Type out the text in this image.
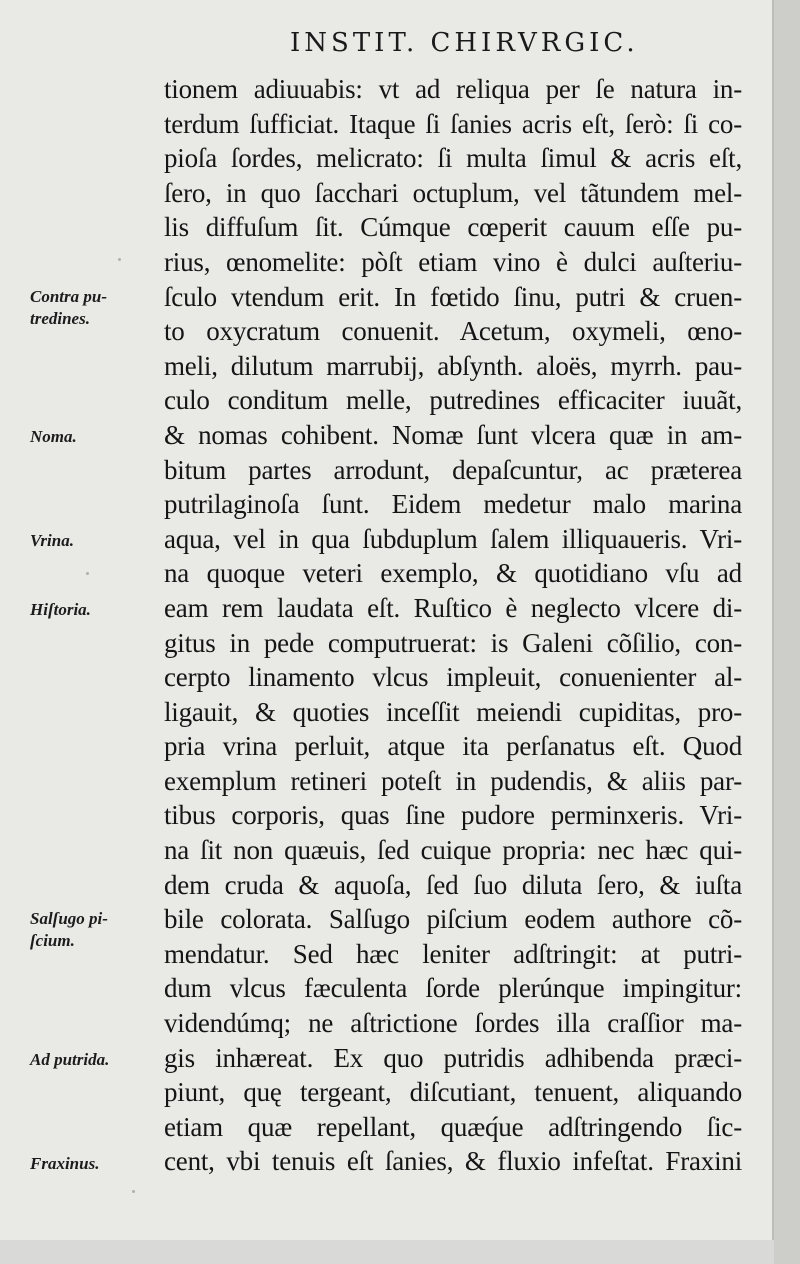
INSTIT. CHIRVRGIC.
Contra pu-
tredines.
Noma.
Vrina.
Hiſtoria.
Salſugo pi-
ſcium.
Ad putrida.
Fraxinus.
tionem adiuuabis: vt ad reliqua per ſe natura in-
terdum ſufficiat. Itaque ſi ſanies acris eſt, ſerò: ſi co-
pioſa ſordes, melicrato: ſi multa ſimul & acris eſt,
ſero, in quo ſacchari octuplum, vel tãtundem mel-
lis diffuſum ſit. Cúmque cœperit cauum eſſe pu-
rius, œnomelite: pòſt etiam vino è dulci auſteriu-
ſculo vtendum erit. In fœtido ſinu, putri & cruen-
to oxycratum conuenit. Acetum, oxymeli, œno-
meli, dilutum marrubij, abſynth. aloës, myrrh. pau-
culo conditum melle, putredines efficaciter iuuãt,
& nomas cohibent. Nomæ ſunt vlcera quæ in am-
bitum partes arrodunt, depaſcuntur, ac præterea
putrilaginoſa ſunt. Eidem medetur malo marina
aqua, vel in qua ſubduplum ſalem illiquaueris. Vri-
na quoque veteri exemplo, & quotidiano vſu ad
eam rem laudata eſt. Ruſtico è neglecto vlcere di-
gitus in pede computruerat: is Galeni cõſilio, con-
cerpto linamento vlcus impleuit, conuenienter al-
ligauit, & quoties inceſſit meiendi cupiditas, pro-
pria vrina perluit, atque ita perſanatus eſt. Quod
exemplum retineri poteſt in pudendis, & aliis par-
tibus corporis, quas ſine pudore perminxeris. Vri-
na ſit non quæuis, ſed cuique propria: nec hæc qui-
dem cruda & aquoſa, ſed ſuo diluta ſero, & iuſta
bile colorata. Salſugo piſcium eodem authore cõ-
mendatur. Sed hæc leniter adſtringit: at putri-
dum vlcus fæculenta ſorde plerúnque impingitur:
videndúmq; ne aſtrictione ſordes illa craſſior ma-
gis inhæreat. Ex quo putridis adhibenda præci-
piunt, quę tergeant, diſcutiant, tenuent, aliquando
etiam quæ repellant, quæq́ue adſtringendo ſic-
cent, vbi tenuis eſt ſanies, & fluxio infeſtat. Fraxini
